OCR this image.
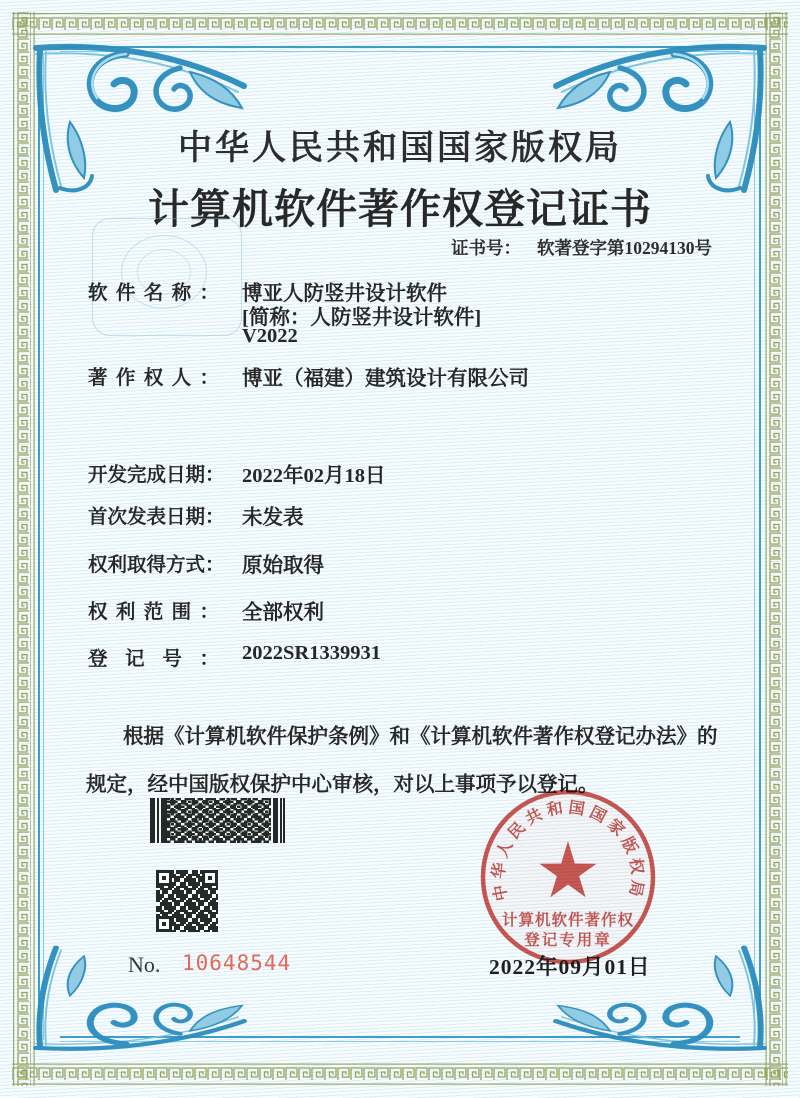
中华人民共和国国家版权局
计算机软件著作权登记证书
证书号： 软著登字第10294130号
软件名称： 博亚人防竖井设计软件
[简称：人防竖井设计软件]
V2022
著作权人： 博亚（福建）建筑设计有限公司
开发完成日期： 2022年02月18日
首次发表日期： 未发表
权利取得方式： 原始取得
权利范围： 全部权利
登记号： 2022SR1339931

根据《计算机软件保护条例》和《计算机软件著作权登记办法》的规定，经中国版权保护中心审核，对以上事项予以登记。

No. 10648544	2022年09月01日
中华人民共和国国家版权局
计算机软件著作权
登记专用章
